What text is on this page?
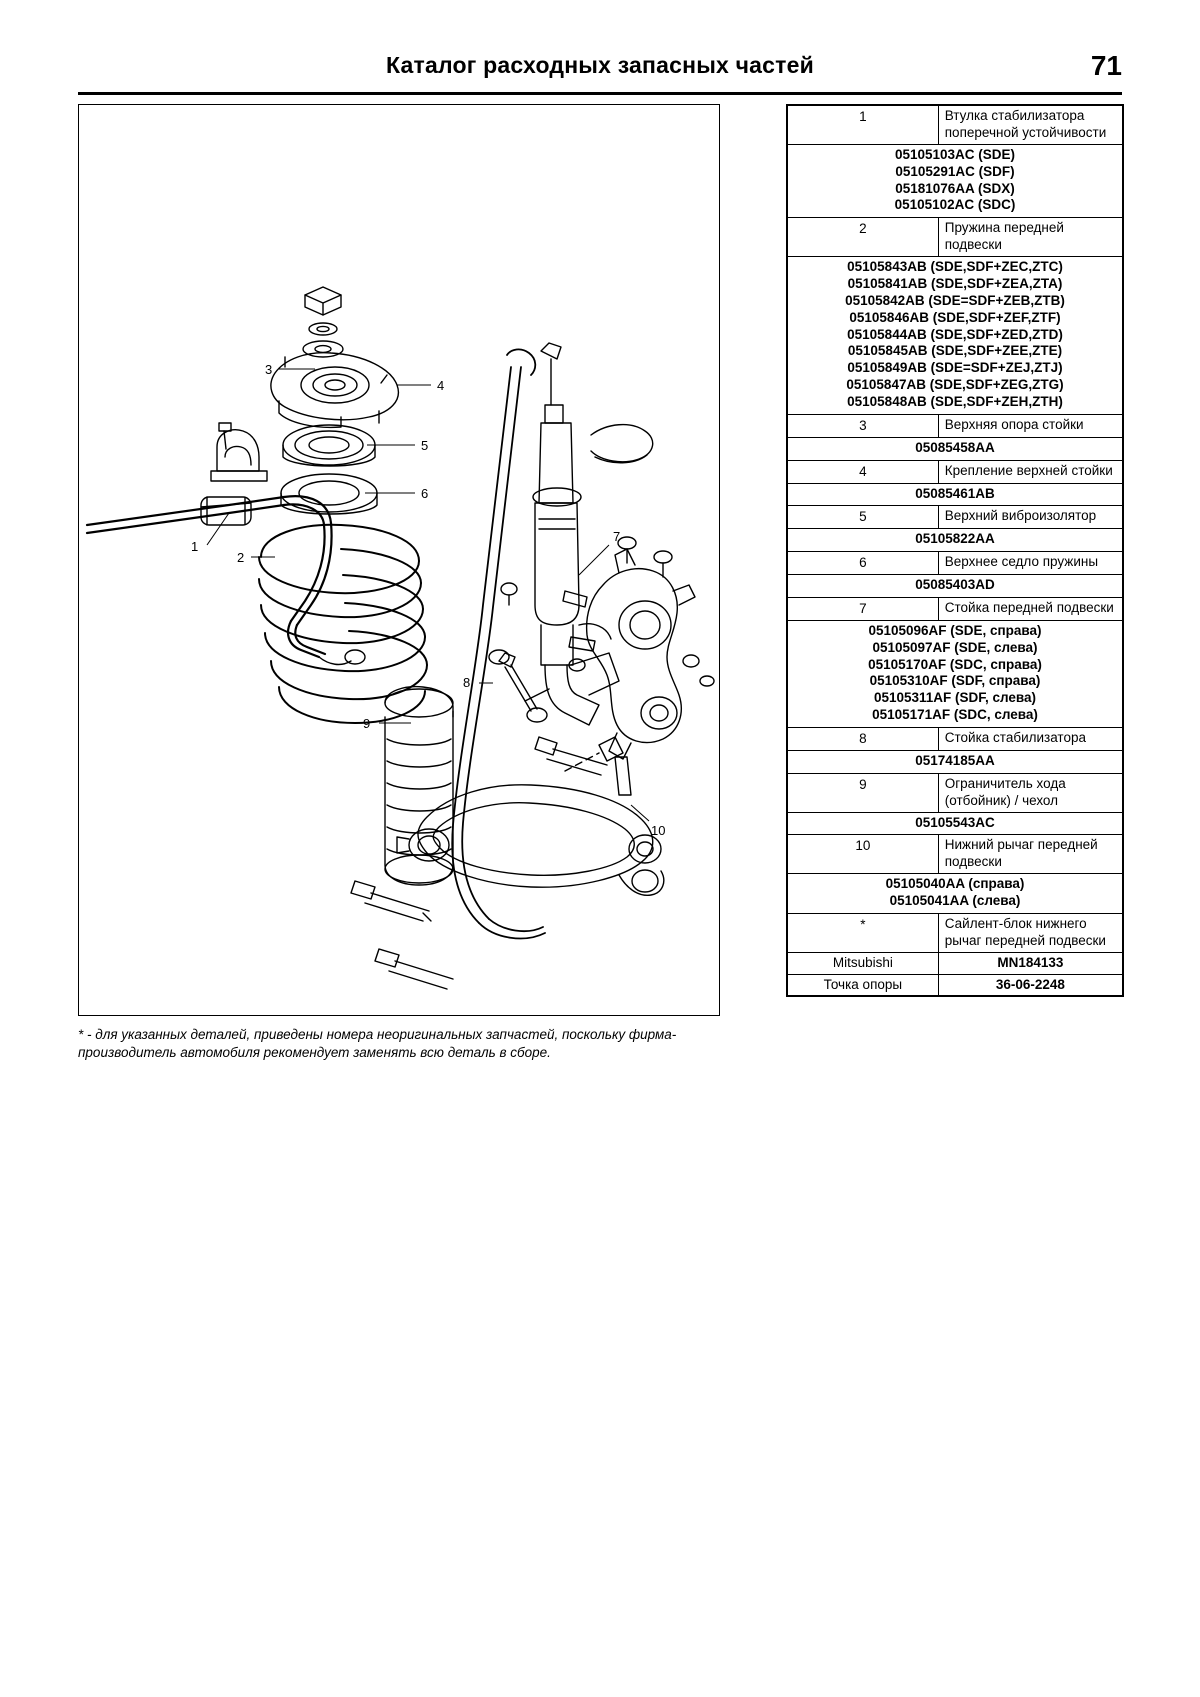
Каталог расходных запасных частей	71
1
2
3
4
5
6
7
8
9
10
* - для указанных деталей, приведены номера неоригинальных запчастей, поскольку фирма-производитель автомобиля рекомендует заменять всю деталь в сборе.
1	Втулка стабилизатора поперечной устойчивости

05105103AC (SDE)
05105291AC (SDF)
05181076AA (SDX)
05105102AC (SDC)	

2	Пружина передней подвески

05105843AB (SDE,SDF+ZEC,ZTC)
05105841AB (SDE,SDF+ZEA,ZTA)
05105842AB (SDE=SDF+ZEB,ZTB)
05105846AB (SDE,SDF+ZEF,ZTF)
05105844AB (SDE,SDF+ZED,ZTD)
05105845AB (SDE,SDF+ZEE,ZTE)
05105849AB (SDE=SDF+ZEJ,ZTJ)
05105847AB (SDE,SDF+ZEG,ZTG)
05105848AB (SDE,SDF+ZEH,ZTH)

3	Верхняя опора стойки

05085458AA	

4	Крепление верхней стойки

05085461AB	

5	Верхний виброизолятор

05105822AA	

6	Верхнее седло пружины

05085403AD	

7	Стойка передней подвески

05105096AF (SDE, справа)
05105097AF (SDE, слева)
05105170AF (SDC, справа)
05105310AF (SDF, справа)
05105311AF (SDF, слева)
05105171AF (SDC, слева)

8	Стойка стабилизатора

05174185AA	

9	Ограничитель хода (отбойник) / чехол

05105543AC	

10	Нижний рычаг передней подвески

05105040AA (справа)
05105041AA (слева)	

*	Сайлент-блок нижнего рычаг передней подвески
Mitsubishi	MN184133
Точка опоры	36-06-2248
